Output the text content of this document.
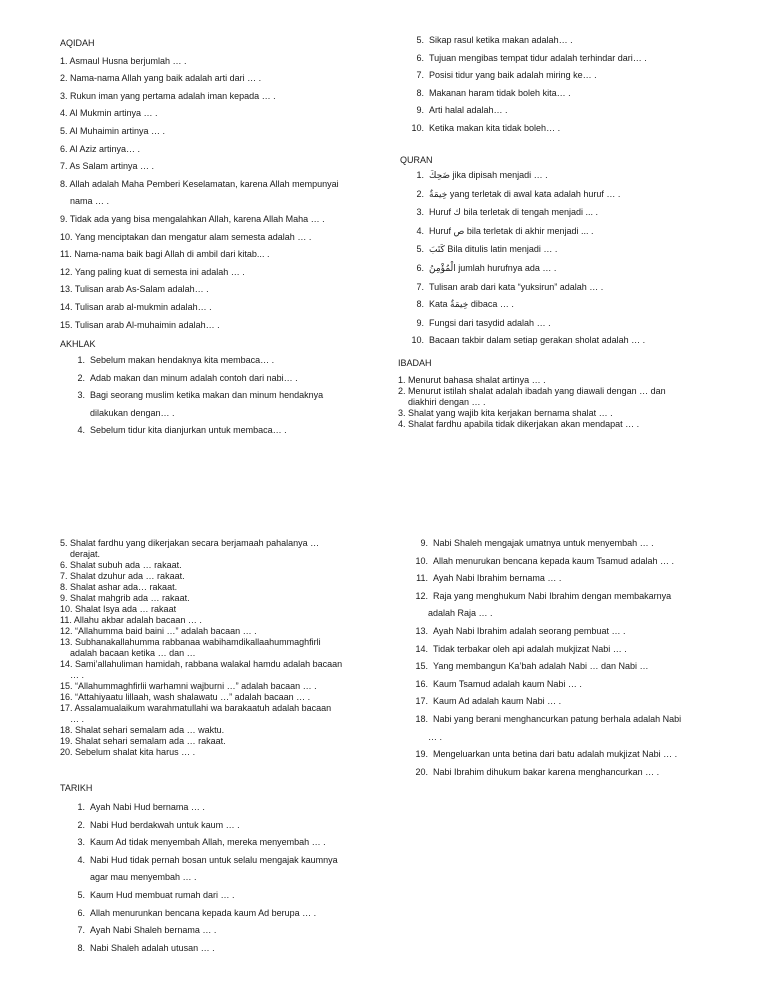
AQIDAH
1. Asmaul Husna berjumlah … .
2. Nama-nama Allah yang baik adalah arti dari … .
3. Rukun iman yang pertama adalah iman kepada … .
4. Al Mukmin artinya … .
5. Al Muhaimin artinya … .
6. Al Aziz artinya… .
7. As Salam artinya … .
8. Allah adalah Maha Pemberi Keselamatan, karena Allah mempunyai
nama … .
9. Tidak ada yang bisa mengalahkan Allah, karena Allah Maha … .
10. Yang menciptakan dan mengatur alam semesta adalah … .
11. Nama-nama baik bagi Allah di ambil dari kitab... .
12. Yang paling kuat di semesta ini adalah … .
13. Tulisan arab As-Salam adalah… .
14. Tulisan arab al-mukmin adalah… .
15. Tulisan arab Al-muhaimin adalah… .
AKHLAK
1. Sebelum makan hendaknya kita membaca… .
2. Adab makan dan minum adalah contoh dari nabi… .
3. Bagi seorang muslim ketika makan dan minum hendaknya
dilakukan dengan… .
4. Sebelum tidur kita dianjurkan untuk membaca… .
5. Sikap rasul ketika makan adalah… .
6. Tujuan mengibas tempat tidur adalah terhindar dari… .
7. Posisi tidur yang baik adalah miring ke… .
8. Makanan haram tidak boleh kita… .
9. Arti halal adalah… .
10. Ketika makan kita tidak boleh… .
QURAN
1. ضَحِكَ jika dipisah menjadi … .
2. خِيمَةٌ yang terletak di awal kata adalah huruf … .
3. Huruf ك bila terletak di tengah menjadi ... .
4. Huruf ص bila terletak di akhir menjadi ... .
5. كَتَبَ Bila ditulis latin menjadi … .
6. الْمُؤْمِنُ jumlah hurufnya ada … .
7. Tulisan arab dari kata “yuksirun” adalah … .
8. Kata خِيمَةٌ dibaca … .
9. Fungsi dari tasydid adalah … .
10. Bacaan takbir dalam setiap gerakan sholat adalah … .
IBADAH
1. Menurut bahasa shalat artinya … .
2. Menurut istilah shalat adalah ibadah yang diawali dengan … dan
diakhiri dengan … .
3. Shalat yang wajib kita kerjakan bernama shalat … .
4. Shalat fardhu apabila tidak dikerjakan akan mendapat … .
5. Shalat fardhu yang dikerjakan secara berjamaah pahalanya …
derajat.
6. Shalat subuh ada … rakaat.
7. Shalat dzuhur ada … rakaat.
8. Shalat ashar ada… rakaat.
9. Shalat mahgrib ada … rakaat.
10. Shalat Isya ada … rakaat
11. Allahu akbar adalah bacaan … .
12. “Allahumma baid baini …” adalah bacaan … .
13. Subhanakallahumma rabbanaa wabihamdikallaahummaghfirli
adalah bacaan ketika … dan …
14. Sami’allahuliman hamidah, rabbana walakal hamdu adalah bacaan
… .
15. “Allahummaghfirlii warhamni wajburni …” adalah bacaan … .
16. “Attahiyaatu lillaah, wash shalawatu …” adalah bacaan … .
17. Assalamualaikum warahmatullahi wa barakaatuh adalah bacaan
… .
18. Shalat sehari semalam ada … waktu.
19. Shalat sehari semalam ada … rakaat.
20. Sebelum shalat kita harus … .
TARIKH
1. Ayah Nabi Hud bernama … .
2. Nabi Hud berdakwah untuk kaum … .
3. Kaum Ad tidak menyembah Allah, mereka menyembah … .
4. Nabi Hud tidak pernah bosan untuk selalu mengajak kaumnya
agar mau menyembah … .
5. Kaum Hud membuat rumah dari … .
6. Allah menurunkan bencana kepada kaum Ad berupa … .
7. Ayah Nabi Shaleh bernama … .
8. Nabi Shaleh adalah utusan … .
9. Nabi Shaleh mengajak umatnya untuk menyembah … .
10. Allah menurukan bencana kepada kaum Tsamud adalah … .
11. Ayah Nabi Ibrahim bernama … .
12. Raja yang menghukum Nabi Ibrahim dengan membakarnya
adalah Raja … .
13. Ayah Nabi Ibrahim adalah seorang pembuat … .
14. Tidak terbakar oleh api adalah mukjizat Nabi … .
15. Yang membangun Ka’bah adalah Nabi … dan Nabi …
16. Kaum Tsamud adalah kaum Nabi … .
17. Kaum Ad adalah kaum Nabi … .
18. Nabi yang berani menghancurkan patung berhala adalah Nabi
… .
19. Mengeluarkan unta betina dari batu adalah mukjizat Nabi … .
20. Nabi Ibrahim dihukum bakar karena menghancurkan … .
